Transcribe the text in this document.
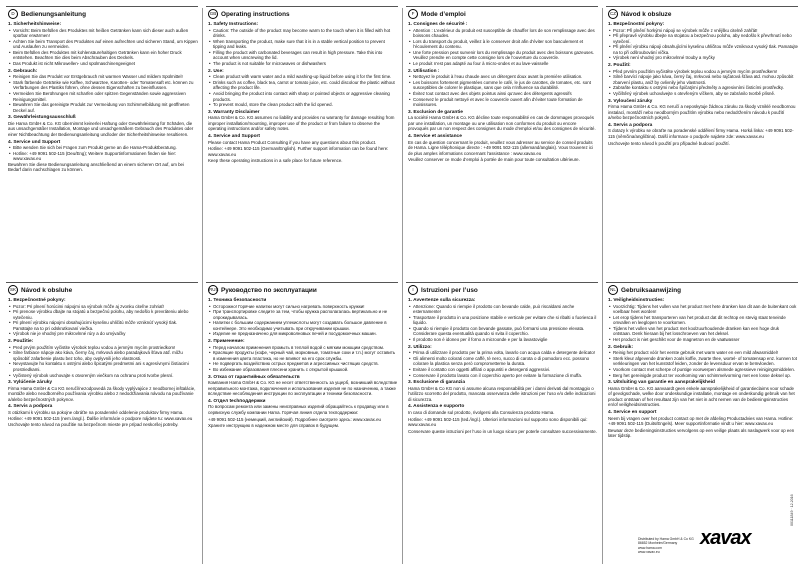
D Bedienungsanleitung
1. Sicherheitshinweise:
• Vorsicht: Beim Befüllen des Produktes mit heißen Getränken kann sich dieser auch außen spürbar erwärmen!
• Achten Sie beim Transport des Produktes auf einen aufrechten und sicheren Stand, um Kippen und Auslaufen zu vermeiden.
• Beim Befüllen des Produktes mit kohlensäurehaltigen Getränken kann ein hoher Druck entstehen. Beachten Sie dies beim Abschrauben des Deckels.
• Das Produkt ist nicht Mikrowellen- und spülmaschinengeeignet
2. Gebrauch:
• Reinigen Sie das Produkt vor Erstgebrauch mit warmen Wasser und mildem Spülmittel!
• Stark färbende Getränke wie Kaffee, Schwarztee, Karotten- oder Tomatensaft etc. können zu Verfärbungen des Plastiks führen, ohne dessen Eigenschaften zu beeinflussen.
• Vermeiden Sie Berührungen mit scharfen oder spitzen Gegenständen sowie aggressiven Reinigungsmittel.
• Bewahren Sie das gereinigte Produkt zur Vermeidung von Schimmelbildung mit geöffneten Deckel auf.
3. Gewährleistungsausschluß
Die Hama GmbH & Co. KG übernimmt keinerlei Haftung oder Gewährleistung für Schäden, die aus unsachgemäßer Installation, Montage und unsachgemäßem Gebrauch des Produktes oder einer Nichtbeachtung der Bedienungsanleitung und/oder der Sicherheitshinweise resultieren.
4. Service und Support
• Bitte wenden Sie sich bei Fragen zum Produkt gerne an die Hama-Produktberatung.
• Hotline: +49 9091 502-115 (Deu/Eng); Weitere Supportinformationen finden sie hier: www.xavax.eu
Bewahren Sie diese Bedienungsanleitung anschließend an einem sicheren Ort auf, um bei Bedarf darin nachschlagen zu können.
GB Operating instructions
1. Safety Instructions:
• Caution: The outside of the product may become warm to the touch when it is filled with hot drinks.
• When transporting the product, make sure that it is in a stable vertical position to prevent tipping and leaks.
• Filling the product with carbonated beverages can result in high pressure. Take this into account when unscrewing the lid.
• The product is not suitable for microwaves or dishwashers
2. Use:
• Clean product with warm water and a mild washing-up liquid before using it for the first time.
• Drinks such as coffee, black tea, carrot or tomato juice, etc. could discolour the plastic without affecting the product life.
• Avoid bringing the product into contact with sharp or pointed objects or aggressive cleaning products.
• To prevent mould, store the clean product with the lid opened.
3. Warranty Disclaimer
Hama GmbH & Co. KG assumes no liability and provides no warranty for damage resulting from improper installation/mounting, improper use of the product or from failure to observe the operating instructions and/or safety notes.
4. Service and Support
Please contact Hama Product Consulting if you have any questions about this product.
Hotline: +49 9091 502-115 (German/English). Further support information can be found here: www.xavax.eu
Keep these operating instructions in a safe place for future reference.
F	Mode d’emploi
1. Consignes de sécurité :
• Attention : L’extérieur du produit est susceptible de chauffer lors de son remplissage avec des boissons chaudes.
• Lors du transport du produit, veillez à le conserver droit afin d’éviter son basculement et l’écoulement du contenu.
• Une forte pression peut survenir lors du remplissage du produit avec des boissons gazeuses. Veuillez prendre en compte cette consigne lors de l’ouverture du couvercle.
• Le produit n’est pas adapté au four à micro-ondes et au lave-vaisselle
2. Utilisation :
• Nettoyez le produit à l’eau chaude avec un détergent doux avant la première utilisation.
• Les boissons fortement pigmentées comme le café, le jus de carottes, de tomates, etc. sont susceptibles de colorer le plastique, sans que cela n’influence sa durabilité.
• Évitez tout contact avec des objets pointus ainsi qu’avec des détergents agressifs
• Conservez le produit nettoyé et avec le couvercle ouvert afin d’éviter toute formation de moisissures.
3. Exclusion de garantie
La société Hama GmbH & Co. KG décline toute responsabilité en cas de dommages provoqués par une installation, un montage ou une utilisation non conformes du produit ou encore provoqués par un non respect des consignes du mode d’emploi et/ou des consignes de sécurité.
4. Service et assistance
En cas de question concernant le produit, veuillez vous adresser au service de conseil produits de Hama. Ligne téléphonique directe : +49 9091 502-115 (allemand/anglais). Vous trouverez ici de plus amples informations concernant l’assistance : www.xavax.eu
Veuillez conserver ce mode d’emploi à portée de main pour toute consultation ultérieure.
CZ Návod k obsluze
1. Bezpečnostní pokyny:
• Pozor: Při plnění horkými nápoji se výrobek může z vnějšku citelně zahřát!
• Při přepravě výrobku dbejte na stojatou a bezpečnou polohu, aby nedošlo k převrhnutí nebo vytečení.
• Při plnění výrobku nápoji obsahujícími kyselinu uhličitou může vzniknout vysoký tlak. Pamatujte na to při odšroubování víčka.
• Výrobek není vhodný pro mikrovlnné trouby a myčky
2. Použití:
• Před prvním použitím vyčistěte výrobek teplou vodou a jemným mycím prostředkem!
• Silně barvící nápoje jako káva, černý čaj, mrkvová nebo rajčatová šťáva atd. mohou způsobit zbarvení plastu, aniž by ovlivnily jeho vlastnosti.
• Zabraňte kontaktu s ostrými nebo špičatými předměty a agresivními čisticími prostředky.
• Vyčištěný výrobek uchovávejte s otevřeným víčkem, aby se zabránilo tvorbě plísně.
3. Vyloučení záruky
Firma Hama GmbH & Co. KG neručí a neposkytuje žádnou záruku za škody vzniklé neodbornou instalací, montáží nebo neodborným použitím výrobku nebo nedodržením návodu k použití a/nebo bezpečnostních pokynů.
4. Servis a podpora
S dotazy k výrobku se obraťte na poradenské oddělení firmy Hama. Horká linka: +49 9091 502-115 (němčina/angličtina). Další informace o podpoře najdete zde: www.xavax.eu
Uschovejte tento návod k použití pro případné budoucí použití.
SK Návod k obsluhe
1. Bezpečnostné pokyny:
• Pozor: Pri plnení horúcimi nápojmi sa výrobok môže aj zvonku citeľne zohriať!
• Pri prenose výrobku dbajte na stojatú a bezpečnú polohu, aby nedošlo k prevráteniu alebo vytečeniu.
• Pri plnení výrobku nápojmi obsahujúcimi kyselinu uhličitú môže vzniknúť vysoký tlak. Pamätajte na to pri odskrutkovaní viečka.
• Výrobok nie je vhodný pre mikrovlnné rúry a do umývačky
2. Použitie:
• Pred prvým použitím vyčistite výrobok teplou vodou a jemným mycím prostriedkom!
• Silne farbiace nápoje ako káva, čierny čaj, mrkvová alebo paradajková šťava atď. môžu spôsobiť zafarbenie plastu bez toho, aby ovplyvnili jeho vlastnosti.
• Nevystavujte ho kontaktu s ostrými alebo špicatými predmetmi ani s agresívnymi čistiacimi prostriedkami.
• Vyčistený výrobok uschovajte s otvoreným viečkom na ochranu proti tvorbe plesní.
3. Vylúčenie záruky
Firma Hama GmbH & Co KG neručí/nezodpovedá za škody vyplývajúce z neodbornej inštalácie, montáže alebo neodborného používania výrobku alebo z nedodržiavania návodu na používanie a/alebo bezpečnostných pokynov.
4. Servis a podpora
S otázkami k výrobku sa pokojne obráťte na poradenské oddelenie produktov firmy Hama. Hotline: +49 9091 502-115 (nem./angl.). Ďalšie informácie o podpore nájdete tu: www.xavax.eu
Uschovajte tento návod na použitie na bezpečnom mieste pre prípad neskoršej potreby.
RUS Руководство по эксплуатации
1. Техника безопасности
• Осторожно! Горячие напитки могут сильно нагревать поверхность кружки!
• При транспортировке следите за тем, чтобы кружка располагалась вертикально и не опрокидывалась.
• Напитки с большим содержанием углекислоты могут создавать большое давление в контейнере. Это необходимо учитывать при откручивании крышки.
• Изделие не предназначено для микроволновых печей и посудомоечных машин.
2. Применение:
• Перед началом применения промыть в теплой водой с мягким моющим средством.
• Красящие продукты (кофе, черный чай, морковные, томатные соки и т.п.) могут оставить в изменения цвета пластика, но не влияют на его срок службы.
• Не подвергать воздействию острых предметов и агрессивных чистящих средств.
• Во избежание образования плесени хранить с открытой крышкой.
3. Отказ от гарантийных обязательств
Компания Hama GmbH & Co. KG не несет ответственность за ущерб, возникший вследствие неправильного монтажа, подключения и использования изделия не по назначению, а также вследствие несоблюдения инструкции по эксплуатации и техники безопасности.
4. Отдел techподдержки
По вопросам ремонта или замены неисправных изделий обращайтесь к продавцу или в сервисную службу компании Hama. Горячая линия отдела техподдержки:
+49 9091 502-115 (немецкий, английский). Подробнее смотрите здесь: www.xavax.eu
Храните инструкцию в надежном месте для справок в будущем.
I	Istruzioni per l’uso
1. Avvertenze sulla sicurezza:
• Attenzione: Quando si riempie il prodotto con bevande calde, può riscaldarsi anche esternamente!
• Trasportare il prodotto in una posizione stabile e verticale per evitare che si ribalti o fuoriesca il liquido.
• Quando si riempie il prodotto con bevande gassate, può formarsi una pressione elevata. Considerare questa eventualità quando si svita il coperchio.
• Il prodotto non è idoneo per il forno a microonde e per la lavastoviglie
2. Utilizzo:
• Prima di utilizzare il prodotto per la prima volta, lavarlo con acqua calda e detergente delicato!
• Gli alimenti molto colorati come caffè, tè nero, succo di carota o di pomodoro ecc. possono colorare la plastica senza però comprometterne la durata.
• Evitare il contatto con oggetti affilati o appuntiti e detergenti aggressivi.
• Conservare il prodotto lavato con il coperchio aperto per evitare la formazione di muffa.
3. Esclusione di garanzia
Hama GmbH & Co KG non si assume alcuna responsabilità per i danni derivati dal montaggio o l’utilizzo scorretto del prodotto, mancata osservanza delle istruzioni per l’uso e/o delle indicazioni di sicurezza.
4. Assistenza e supporto
In caso di domande sul prodotto, rivolgersi alla Consulenza prodotto Hama.
Hotline: +49 9091 502-115 (ted./ingl.). Ulteriori informazioni sul supporto sono disponibili qui: www.xavax.eu
Conservare queste istruzioni per l’uso in un luogo sicuro per poterle consultare successivamente.
NL Gebruiksaanwijzing
1. Veiligheidsinstructies:
• Voorzichtig: Tijdens het vullen van het product met hete dranken kan dit aan de buitenkant ook voelbaar heet worden!
• Let erop tijdens het transporteren van het product dat dit rechtop en stevig staat teneinde omvallen en leeglopen te voorkomen.
• Tijdens het vullen van het product met koolzuurhoudende dranken kan een hoge druk ontstaan. Denk hieraan bij het losschroeven van het deksel.
• Het product is niet geschikt voor de magnetron en de vaatwasser
2. Gebruik:
• Reinig het product vóór het eerste gebruik met warm water en een mild afwasmiddel!
• Sterk kleur afgevende dranken zoals koffie, zwarte thee, wortel- of tomatensap enz. kunnen tot verkleuringen van het kunststof leiden, zonder de levensduur ervan te beïnvloeden.
• Voorkom contact met scherpe of puntige voorwerpen alsmede agressieve reinigingsmiddelen.
• Berg het gereinigde product ter voorkoming van schimmelvorming met een losse deksel op.
3. Uitsluiting van garantie en aansprakelijkheid
Hama GmbH & Co. KG aanvaardt geen enkele aansprakelijkheid of garantieclaims voor schade of gevolgschade, welke door ondeskundige installatie, montage en ondeskundig gebruik van het product ontstaan of het resultaat zijn van het niet in acht nemen van de bedieningsinstructies en/of veiligheidsinstructies.
4. Service en support
Neem bij vragen over het product contact op met de afdeling Productadvies van Hama. Hotline: +49 9091 502-115 (Duits/Engels). Meer supportinformatie vindt u hier: www.xavax.eu
Bewaar deze bedieningsinstructies vervolgens op een veilige plaats als naslagwerk voor op een later tijdstip.
Distributed by Hama GmbH & Co KG
86652 Monheim/Germany
www.hama.com
www.xavax.eu
xavax
00111849 · 12.2016
